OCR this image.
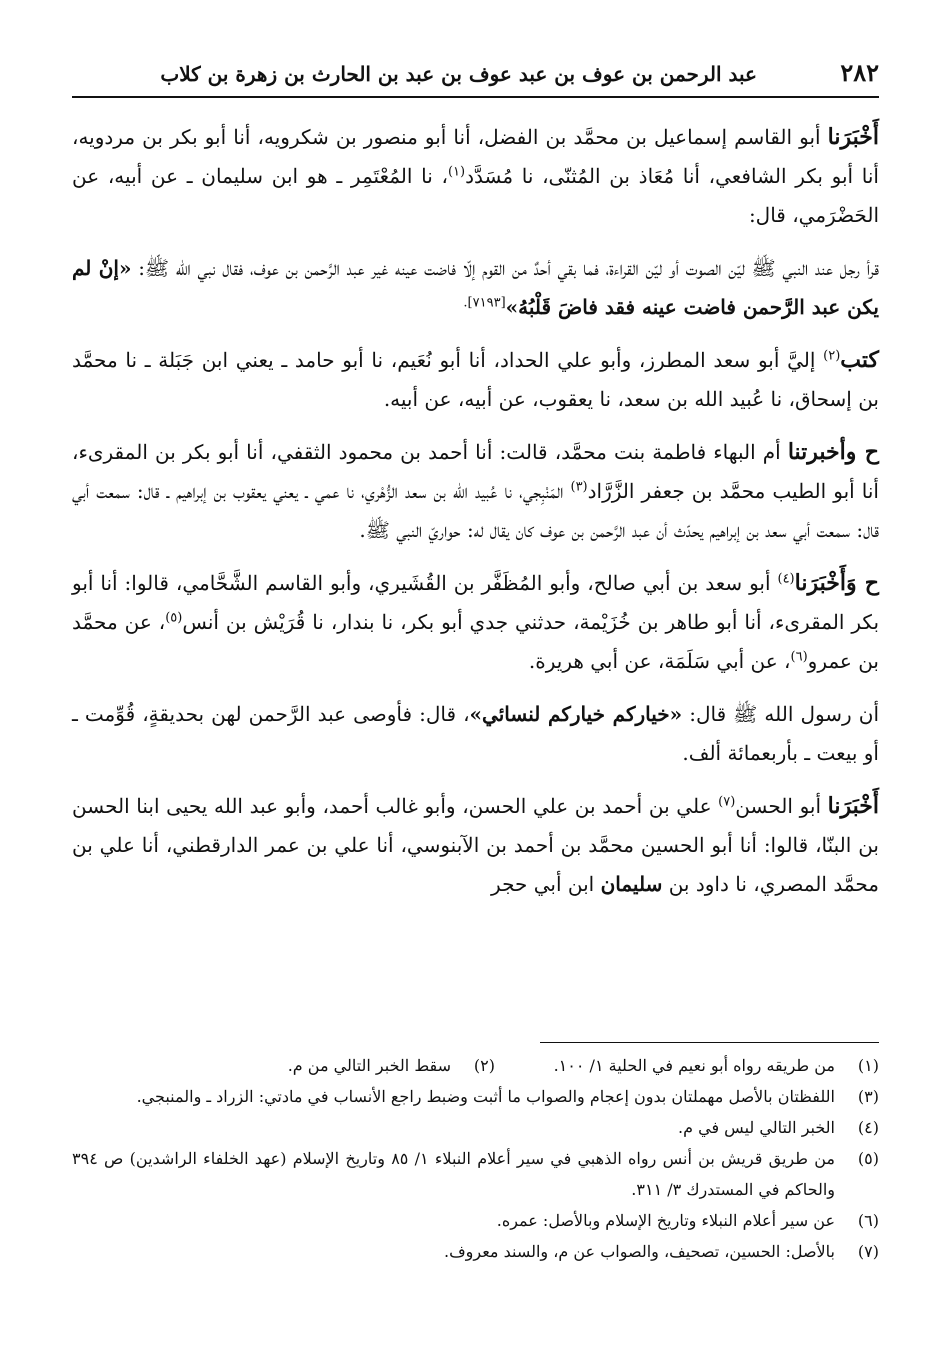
٢٨٢
عبد الرحمن بن عوف بن عبد عوف بن عبد بن الحارث بن زهرة بن كلاب

أَخْبَرَنا أبو القاسم إسماعيل بن محمَّد بن الفضل، أنا أبو منصور بن شكرويه، أنا أبو بكر بن مردويه، أنا أبو بكر الشافعي، أنا مُعَاذ بن المُثنّى، نا مُسَدَّد$^{(١)}$، نا المُعْتَمِر ـ هو ابن سليمان ـ عن أبيه، عن الحَضْرَمي، قال:

قرأ رجل عند النبي ﷺ ليّن الصوت أو ليّن القراءة، فما بقي أحدٌ من القوم إلّا فاضت عينه غير عبد الرَّحمن بن عوف، فقال نبي الله ﷺ: «إنْ لم يكن عبد الرَّحمن فاضت عينه فقد فاضَ قَلْبُهُ»$^{[٧١٩٣].}$

كتب$^{(٢)}$ إليَّ أبو سعد المطرز، وأبو علي الحداد، أنا أبو نُعَيم، نا أبو حامد ـ يعني ابن جَبَلة ـ نا محمَّد بن إسحاق، نا عُبيد الله بن سعد، نا يعقوب، عن أبيه، عن أبيه.

ح وأخبرتنا أم البهاء فاطمة بنت محمَّد، قالت: أنا أحمد بن محمود الثقفي، أنا أبو بكر بن المقرىء، أنا أبو الطيب محمَّد بن جعفر الزَّرَّاد$^{(٣)}$ المَنْبِجي، نا عُبيد الله بن سعد الزُّهْري، نا عمي ـ يعني يعقوب بن إبراهيم ـ قال: سمعت أبي قال: سمعت أبي سعد بن إبراهيم يحدّث أن عبد الرَّحمن بن عوف كان يقال له: حواريّ النبي ﷺ.

ح وَأَخْبَرَنا$^{(٤)}$ أبو سعد بن أبي صالح، وأبو المُظَفَّر بن القُشَيري، وأبو القاسم الشَّحَّامي، قالوا: أنا أبو بكر المقرىء، أنا أبو طاهر بن خُزَيْمة، حدثني جدي أبو بكر، نا بندار، نا قُرَيْش بن أنس$^{(٥)}$، عن محمَّد بن عمرو$^{(٦)}$، عن أبي سَلَمَة، عن أبي هريرة.

أن رسول الله ﷺ قال: «خياركم خياركم لنسائي»، قال: فأوصى عبد الرَّحمن لهن بحديقةٍ، قُوِّمت ـ أو بيعت ـ بأربعمائة ألف.

أَخْبَرَنا أبو الحسن$^{(٧)}$ علي بن أحمد بن علي الحسن، وأبو غالب أحمد، وأبو عبد الله يحيى ابنا الحسن بن البنّا، قالوا: أنا أبو الحسين محمَّد بن أحمد بن الآبنوسي، أنا علي بن عمر الدارقطني، أنا علي بن محمَّد المصري، نا داود بن سليمان ابن أبي حجر

(١)
من طريقه رواه أبو نعيم في الحلية ١/ ١٠٠.
(٢)
سقط الخبر التالي من م.
(٣)
اللفظتان بالأصل مهملتان بدون إعجام والصواب ما أثبت وضبط راجع الأنساب في مادتي: الزراد ـ والمنبجي.
(٤)
الخبر التالي ليس في م.
(٥)
من طريق قريش بن أنس رواه الذهبي في سير أعلام النبلاء ١/ ٨٥ وتاريخ الإسلام (عهد الخلفاء الراشدين) ص ٣٩٤ والحاكم في المستدرك ٣/ ٣١١.
(٦)
عن سير أعلام النبلاء وتاريخ الإسلام وبالأصل: عمره.
(٧)
بالأصل: الحسين، تصحيف، والصواب عن م، والسند معروف.
